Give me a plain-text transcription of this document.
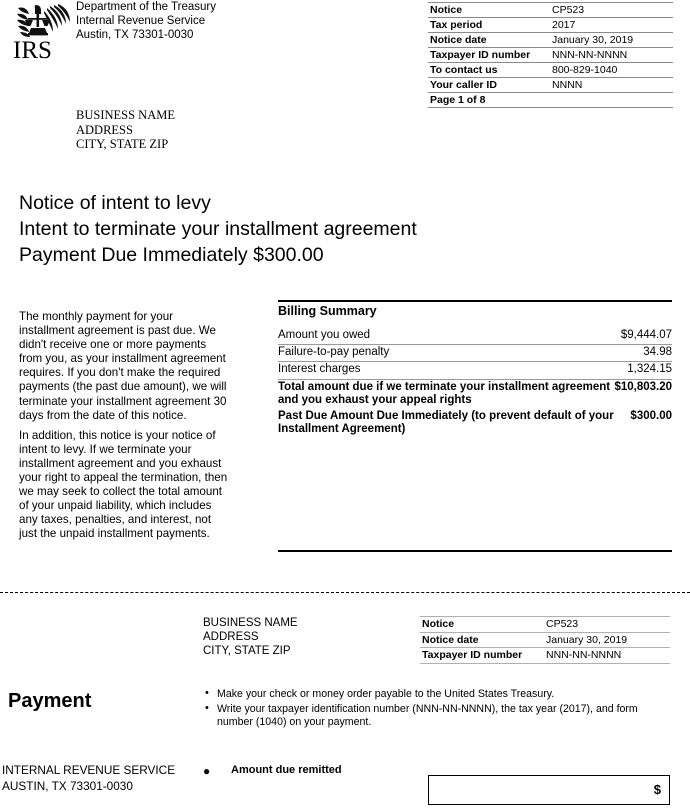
IRS
Department of the Treasury
Internal Revenue Service
Austin, TX 73301-0030
Notice	CP523
Tax period	2017
Notice date	January 30, 2019
Taxpayer ID number	NNN-NN-NNNN
To contact us	800-829-1040
Your caller ID	NNNN
Page 1 of 8	
BUSINESS NAME
ADDRESS
CITY, STATE ZIP
Notice of intent to levy
Intent to terminate your installment agreement
Payment Due Immediately $300.00

The monthly payment for your installment agreement is past due. We didn't receive one or more payments from you, as your installment agreement requires. If you don't make the required payments (the past due amount), we will terminate your installment agreement 30 days from the date of this notice.

In addition, this notice is your notice of intent to levy. If we terminate your installment agreement and you exhaust your right to appeal the termination, then we may seek to collect the total amount of your unpaid liability, which includes any taxes, penalties, and interest, not just the unpaid installment payments.

Billing Summary
Amount you owed	$9,444.07
Failure-to-pay penalty	34.98
Interest charges	1,324.15
Total amount due if we terminate your installment agreement and you exhaust your appeal rights	$10,803.20
Past Due Amount Due Immediately (to prevent default of your Installment Agreement)	$300.00
BUSINESS NAME
ADDRESS
CITY, STATE ZIP
Notice	CP523
Notice date	January 30, 2019
Taxpayer ID number	NNN-NN-NNNN
Payment	• Make your check or money order payable to the United States Treasury.
• Write your taxpayer identification number (NNN-NN-NNNN), the tax year (2017), and form number (1040) on your payment.
INTERNAL REVENUE SERVICE
AUSTIN, TX 73301-0030
● Amount due remitted
$
